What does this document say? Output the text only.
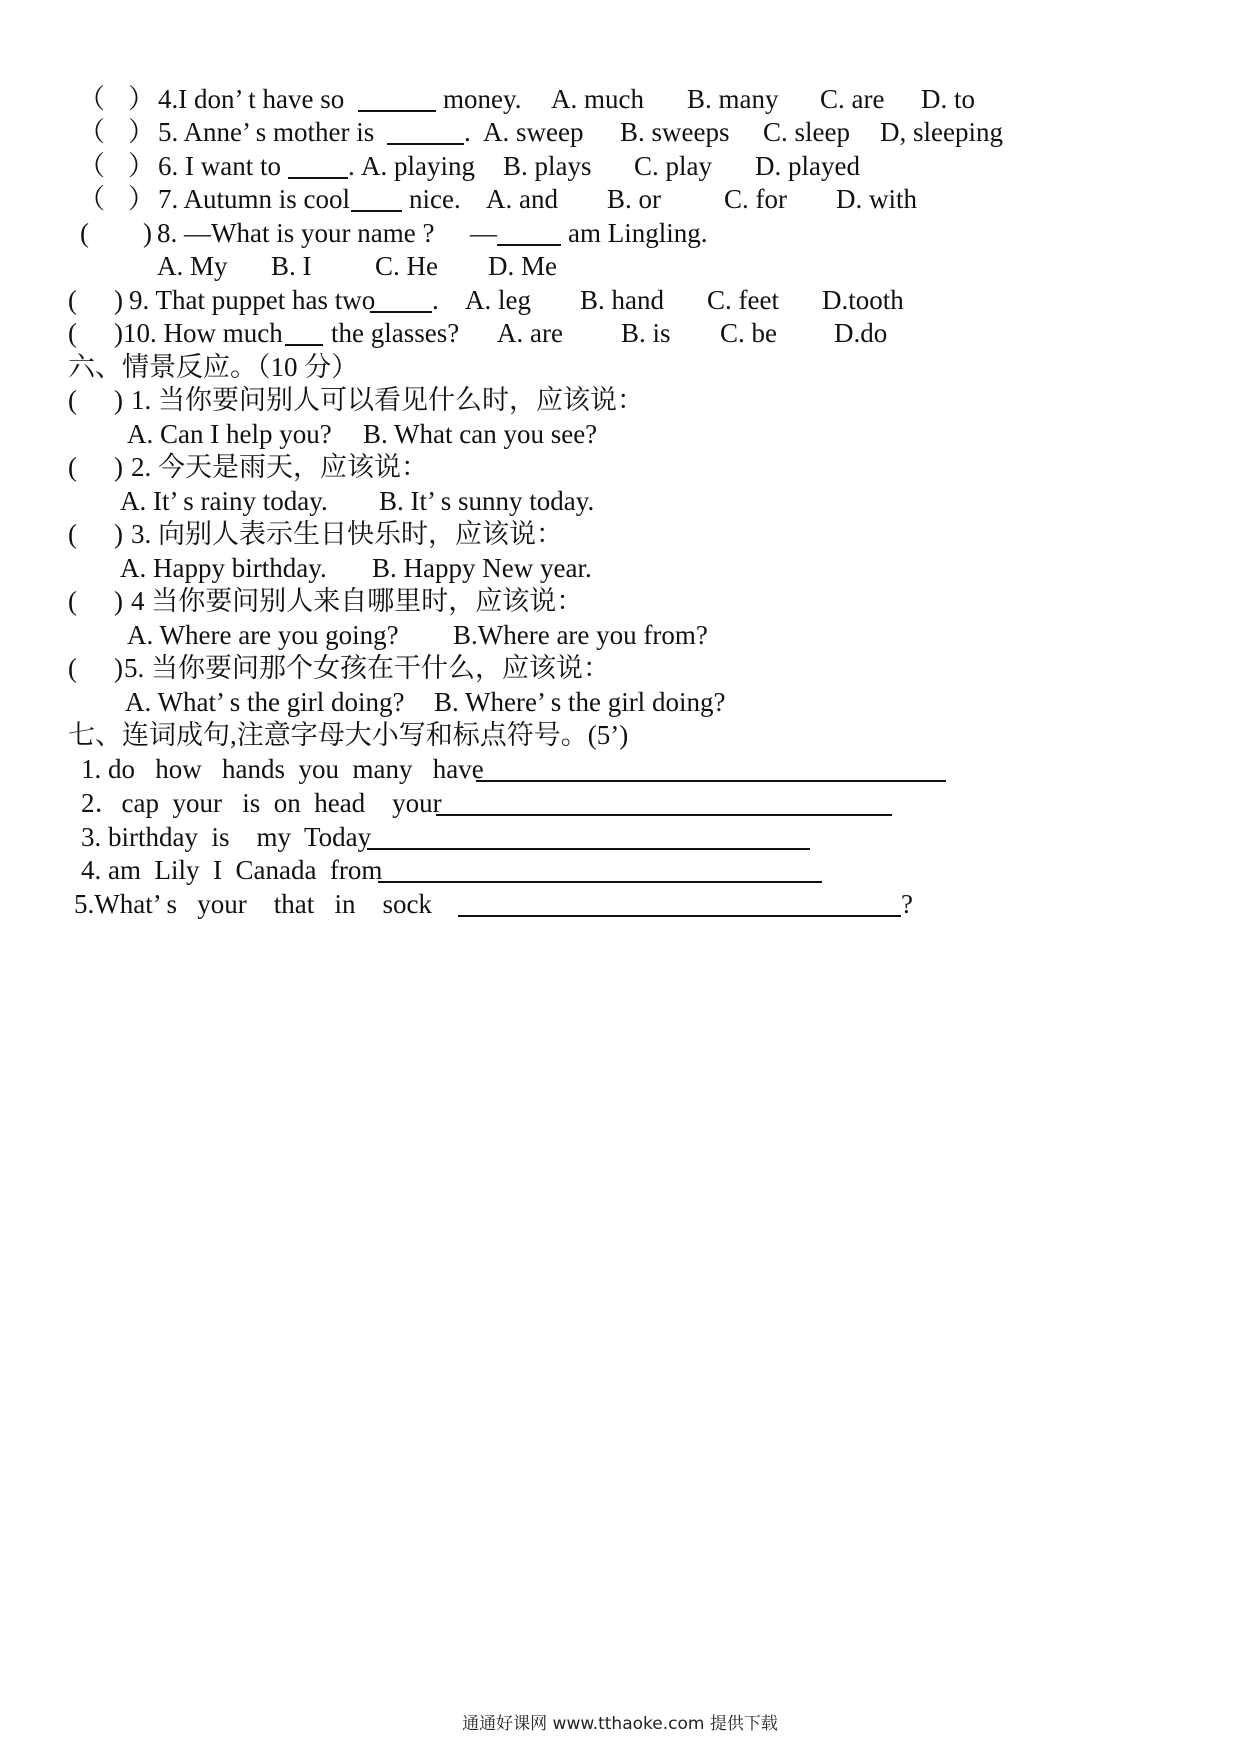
（

）

4.I don’ t have so

	money.

A. much

B. many

C. are

D. to

（

）

5. Anne’ s mother is

	.

A. sweep

B. sweeps

C. sleep

D, sleeping

（

）

6. I want to

.

A. playing

B. plays

C. play

D. played

（

）

7. Autumn is cool

nice.

A. and

B. or

C. for

D. with

(

)

8. —What is your name ?

—

	am Lingling.

A. My

B. I

C. He

D. Me

(

)

9. That puppet has two

.

A. leg

B. hand

C. feet

D.tooth

(

)

10. How much

the glasses?

A. are

B. is

C. be

D.do

六、情景反应。（10 分）

(

)

1. 当你要问别人可以看见什么时，应该说：

A. Can I help you?

B. What can you see?

(

)

2. 今天是雨天，应该说：

A. It’ s rainy today.

B. It’ s sunny today.

(

)

3. 向别人表示生日快乐时，应该说：

A. Happy birthday.

B. Happy New year.

(

)

4 当你要问别人来自哪里时，应该说：

A. Where are you going?

B.Where are you from?

(

)

5. 当你要问那个女孩在干什么，应该说：

A. What’ s the girl doing?

B. Where’ s the girl doing?

七、连词成句,注意字母大小写和标点符号。(5’)

1. do   how   hands  you  many   have

2．cap  your   is  on  head    your

3. birthday  is    my  Today

4. am  Lily  I  Canada  from

5.What’ s   your    that   in    sock

	?

通通好课网 www.tthaoke.com 提供下载
